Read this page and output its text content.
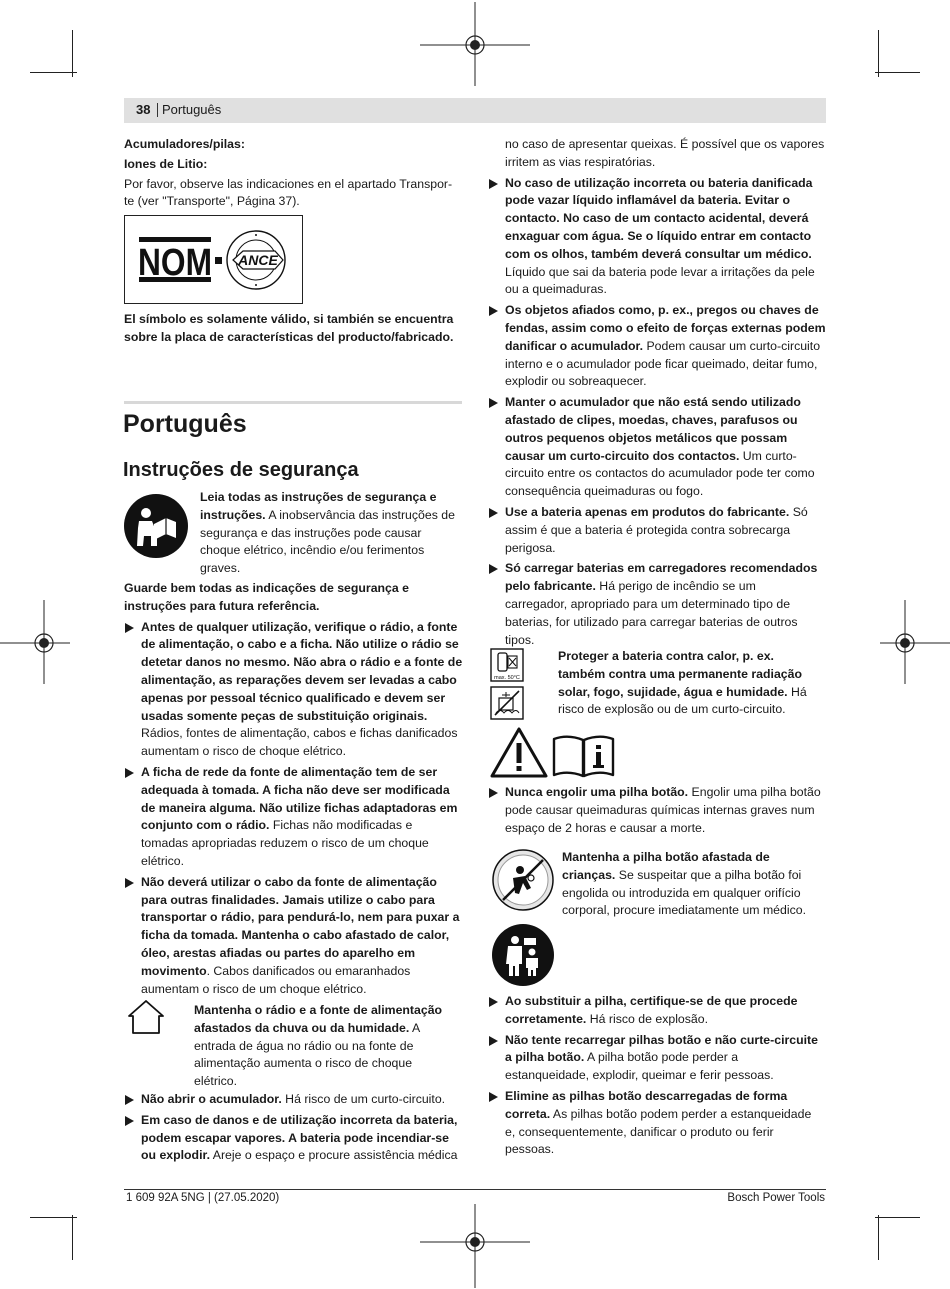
38 Português

Acumuladores/pilas:

Iones de Litio:

Por favor, observe las indicaciones en el apartado Transpor-

te (ver "Transporte", Página 37).

NOM ANCE

El símbolo es solamente válido, si también se encuentra

sobre la placa de características del producto/fabricado.

Português
Instruções de segurança

Leia todas as instruções de segurança e

instruções. A inobservância das instruções de

segurança e das instruções pode causar

choque elétrico, incêndio e/ou ferimentos

graves.

Guarde bem todas as indicações de segurança e

instruções para futura referência.

Antes de qualquer utilização, verifique o rádio, a fonte

de alimentação, o cabo e a ficha. Não utilize o rádio se

detetar danos no mesmo. Não abra o rádio e a fonte de

alimentação, as reparações devem ser levadas a cabo

apenas por pessoal técnico qualificado e devem ser

usadas somente peças de substituição originais.

Rádios, fontes de alimentação, cabos e fichas danificados

aumentam o risco de choque elétrico.

A ficha de rede da fonte de alimentação tem de ser

adequada à tomada. A ficha não deve ser modificada

de maneira alguma. Não utilize fichas adaptadoras em

conjunto com o rádio. Fichas não modificadas e

tomadas apropriadas reduzem o risco de um choque

elétrico.

Não deverá utilizar o cabo da fonte de alimentação

para outras finalidades. Jamais utilize o cabo para

transportar o rádio, para pendurá-lo, nem para puxar a

ficha da tomada. Mantenha o cabo afastado de calor,

óleo, arestas afiadas ou partes do aparelho em

movimento. Cabos danificados ou emaranhados

aumentam o risco de um choque elétrico.

Mantenha o rádio e a fonte de alimentação

afastados da chuva ou da humidade. A

entrada de água no rádio ou na fonte de

alimentação aumenta o risco de choque

elétrico.

Não abrir o acumulador. Há risco de um curto-circuito.

Em caso de danos e de utilização incorreta da bateria,

podem escapar vapores. A bateria pode incendiar-se

ou explodir. Areje o espaço e procure assistência médica

no caso de apresentar queixas. É possível que os vapores

irritem as vias respiratórias.

No caso de utilização incorreta ou bateria danificada

pode vazar líquido inflamável da bateria. Evitar o

contacto. No caso de um contacto acidental, deverá

enxaguar com água. Se o líquido entrar em contacto

com os olhos, também deverá consultar um médico.

Líquido que sai da bateria pode levar a irritações da pele

ou a queimaduras.

Os objetos afiados como, p. ex., pregos ou chaves de

fendas, assim como o efeito de forças externas podem

danificar o acumulador. Podem causar um curto-circuito

interno e o acumulador pode ficar queimado, deitar fumo,

explodir ou sobreaquecer.

Manter o acumulador que não está sendo utilizado

afastado de clipes, moedas, chaves, parafusos ou

outros pequenos objetos metálicos que possam

causar um curto-circuito dos contactos. Um curto-

circuito entre os contactos do acumulador pode ter como

consequência queimaduras ou fogo.

Use a bateria apenas em produtos do fabricante. Só

assim é que a bateria é protegida contra sobrecarga

perigosa.

Só carregar baterias em carregadores recomendados

pelo fabricante. Há perigo de incêndio se um

carregador, apropriado para um determinado tipo de

baterias, for utilizado para carregar baterias de outros

tipos.

max. 50°C

Proteger a bateria contra calor, p. ex.

também contra uma permanente radiação

solar, fogo, sujidade, água e humidade. Há

risco de explosão ou de um curto-circuito.

Nunca engolir uma pilha botão. Engolir uma pilha botão

pode causar queimaduras químicas internas graves num

espaço de 2 horas e causar a morte.

Mantenha a pilha botão afastada de

crianças. Se suspeitar que a pilha botão foi

engolida ou introduzida em qualquer orifício

corporal, procure imediatamente um médico.

Ao substituir a pilha, certifique-se de que procede

corretamente. Há risco de explosão.

Não tente recarregar pilhas botão e não curte-circuite

a pilha botão. A pilha botão pode perder a

estanqueidade, explodir, queimar e ferir pessoas.

Elimine as pilhas botão descarregadas de forma

correta. As pilhas botão podem perder a estanqueidade

e, consequentemente, danificar o produto ou ferir

pessoas.

1 609 92A 5NG | (27.05.2020)	Bosch Power Tools
